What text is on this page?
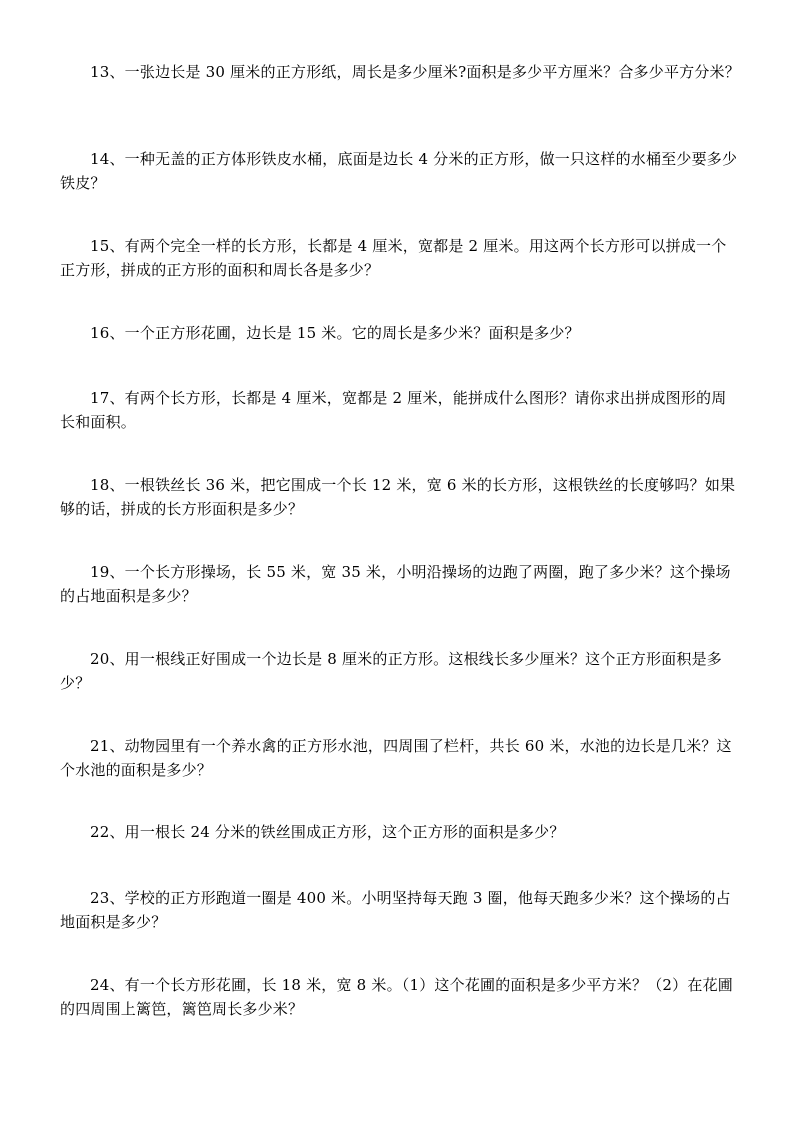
13、一张边长是 30 厘米的正方形纸，周长是多少厘米?面积是多少平方厘米？合多少平方分米？

14、一种无盖的正方体形铁皮水桶，底面是边长 4 分米的正方形，做一只这样的水桶至少要多少铁皮？

15、有两个完全一样的长方形，长都是 4 厘米，宽都是 2 厘米。用这两个长方形可以拼成一个正方形，拼成的正方形的面积和周长各是多少？

16、一个正方形花圃，边长是 15 米。它的周长是多少米？面积是多少？

17、有两个长方形，长都是 4 厘米，宽都是 2 厘米，能拼成什么图形？请你求出拼成图形的周长和面积。

18、一根铁丝长 36 米，把它围成一个长 12 米，宽 6 米的长方形，这根铁丝的长度够吗？如果够的话，拼成的长方形面积是多少？

19、一个长方形操场，长 55 米，宽 35 米，小明沿操场的边跑了两圈，跑了多少米？这个操场的占地面积是多少？

20、用一根线正好围成一个边长是 8 厘米的正方形。这根线长多少厘米？这个正方形面积是多少？

21、动物园里有一个养水禽的正方形水池，四周围了栏杆，共长 60 米，水池的边长是几米？这个水池的面积是多少？

22、用一根长 24 分米的铁丝围成正方形，这个正方形的面积是多少？

23、学校的正方形跑道一圈是 400 米。小明坚持每天跑 3 圈，他每天跑多少米？这个操场的占地面积是多少？

24、有一个长方形花圃，长 18 米，宽 8 米。（1）这个花圃的面积是多少平方米？（2）在花圃的四周围上篱笆，篱笆周长多少米？
